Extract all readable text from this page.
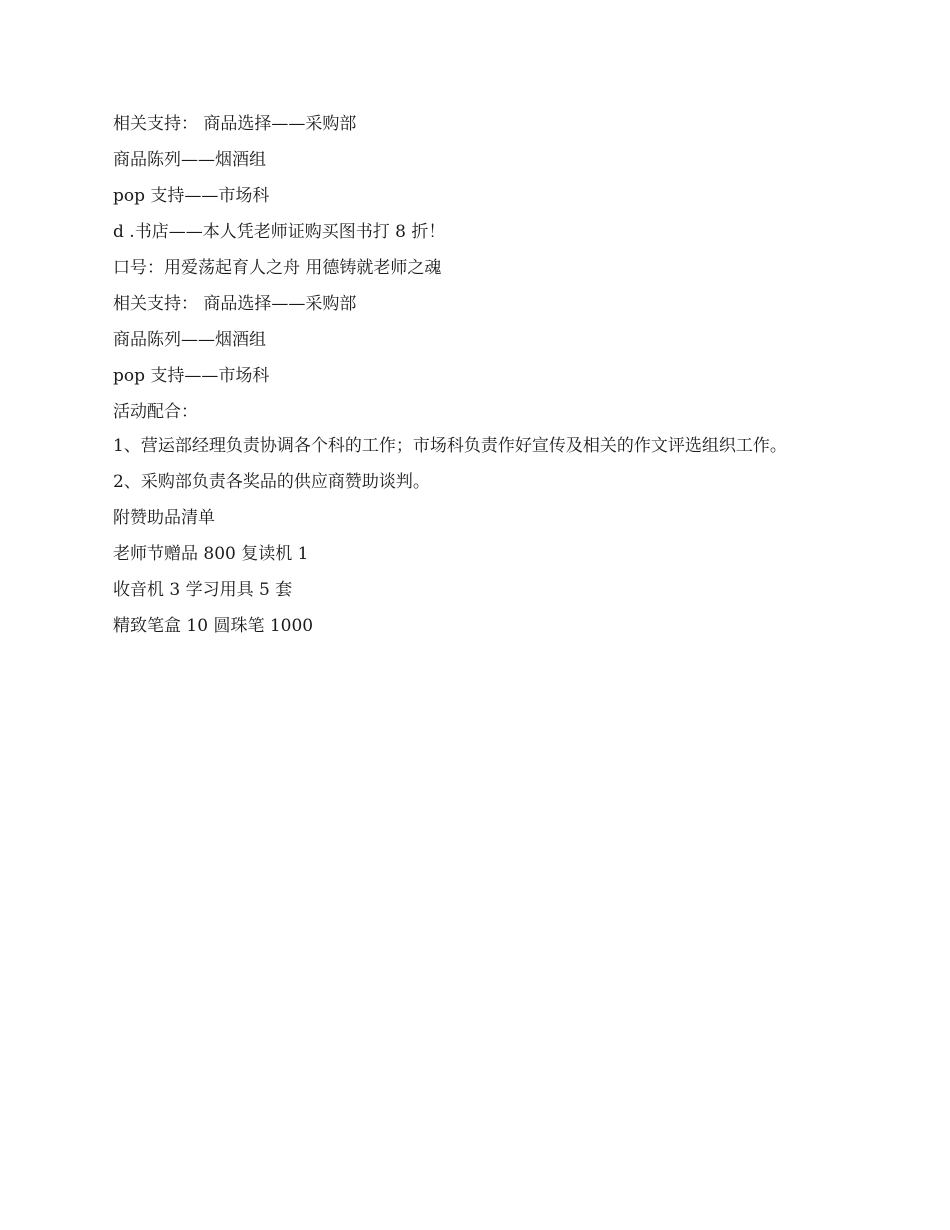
相关支持： 商品选择——采购部

商品陈列——烟酒组

pop 支持——市场科

d .书店——本人凭老师证购买图书打 8 折！

口号：用爱荡起育人之舟 用德铸就老师之魂

相关支持： 商品选择——采购部

商品陈列——烟酒组

pop 支持——市场科

活动配合：

1、营运部经理负责协调各个科的工作；市场科负责作好宣传及相关的作文评选组织工作。

2、采购部负责各奖品的供应商赞助谈判。

附赞助品清单

老师节赠品 800 复读机 1

收音机 3 学习用具 5 套

精致笔盒 10 圆珠笔 1000
